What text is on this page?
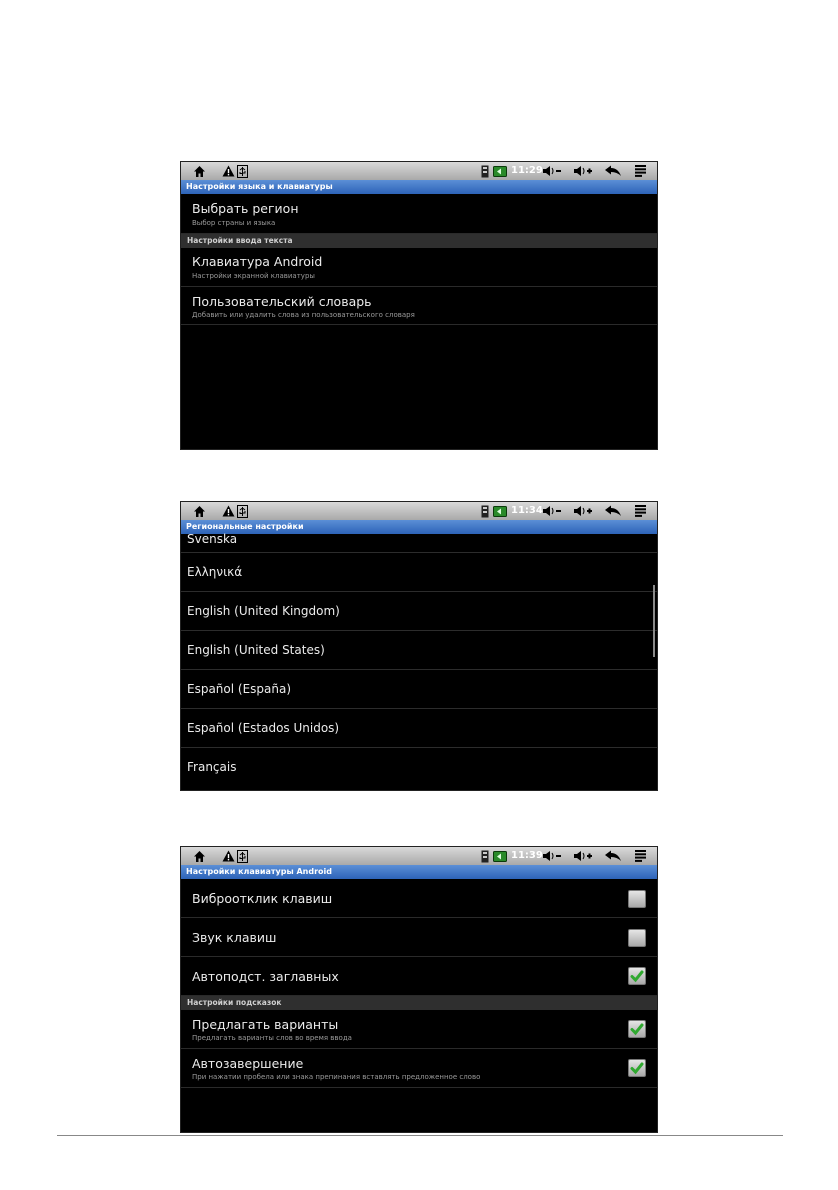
11:29
Настройки языка и клавиатуры
Выбрать регион
Выбор страны и языка
Настройки ввода текста
Клавиатура Android
Настройки экранной клавиатуры
Пользовательский словарь
Добавить или удалить слова из пользовательского словаря
11:34
Региональные настройки
Svenska
Ελληνικά
English (United Kingdom)
English (United States)
Español (España)
Español (Estados Unidos)
Français
11:39
Настройки клавиатуры Android
Виброотклик клавиш
Звук клавиш
Автоподст. заглавных
Настройки подсказок
Предлагать варианты
Предлагать варианты слов во время ввода
Автозавершение
При нажатии пробела или знака препинания вставлять предложенное слово
